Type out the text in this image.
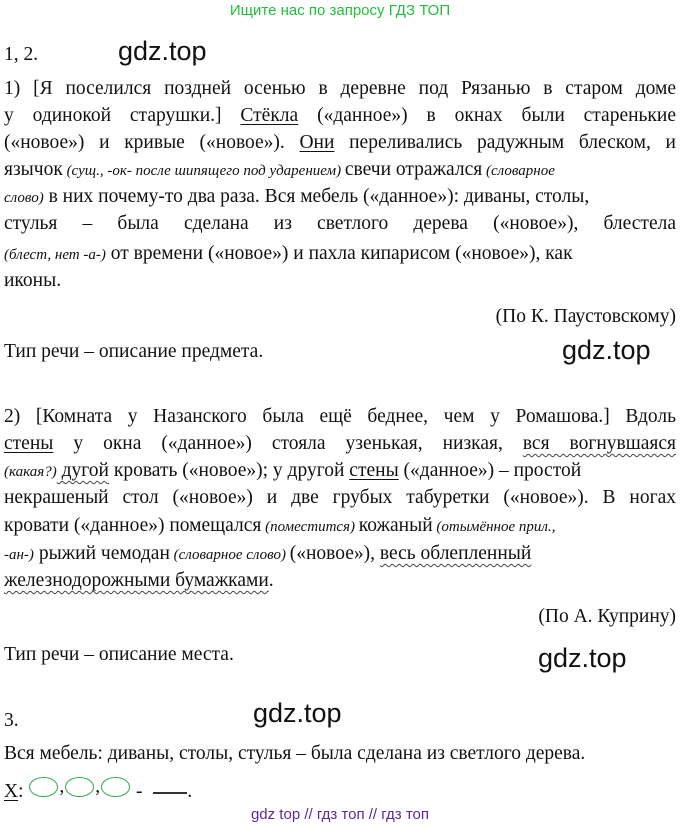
Ищите нас по запросу ГДЗ ТОП
1, 2.	gdz.top
1) [Я поселился поздней осенью в деревне под Рязанью в старом доме
у одинокой старушки.] Стёкла («данное») в окнах были старенькие
(«новое») и кривые («новое»). Они переливались радужным блеском, и
язычок (сущ., -ок- после шипящего под ударением) свечи отражался (словарное
слово) в них почему-то два раза. Вся мебель («данное»): диваны, столы,
стулья – была сделана из светлого дерева («новое»), блестела
(блест, нет -а-) от времени («новое») и пахла кипарисом («новое»), как
иконы.
(По К. Паустовскому)
Тип речи – описание предмета.	gdz.top
2) [Комната у Назанского была ещё беднее, чем у Ромашова.] Вдоль
стены у окна («данное») стояла узенькая, низкая, вся вогнувшаяся
(какая?) дугой кровать («новое»); у другой стены («данное») – простой
некрашеный стол («новое») и две грубых табуретки («новое»). В ногах
кровати («данное») помещался (поместится) кожаный (отымённое прил.,
-ан-) рыжий чемодан (словарное слово) («новое»), весь облепленный
железнодорожными бумажками.
(По А. Куприну)
Тип речи – описание места.	gdz.top
3.	gdz.top
Вся мебель: диваны, столы, стулья – была сделана из светлого дерева.
Х: , , - .
gdz top // гдз топ // гдз топ
